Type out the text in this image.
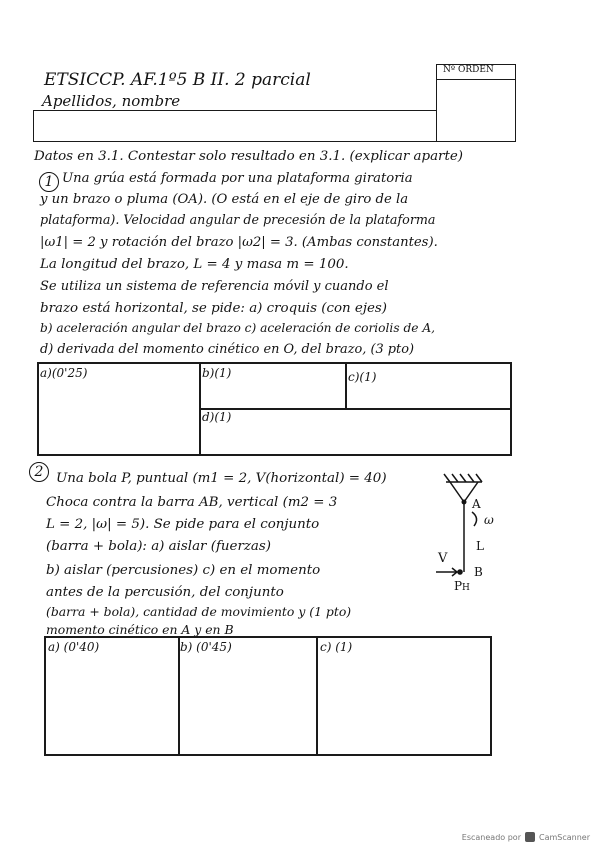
ETSICCP. AF.1º5 B II. 2 parcial
Apellidos, nombre
Nº ORDEN
Datos en 3.1. Contestar solo resultado en 3.1. (explicar aparte)
1 Una grúa está formada por una plataforma giratoria
y un brazo o pluma (OA). (O está en el eje de giro de la
plataforma). Velocidad angular de precesión de la plataforma
|ω1| = 2 y rotación del brazo |ω2| = 3. (Ambas constantes).
La longitud del brazo, L = 4 y masa m = 100.
Se utiliza un sistema de referencia móvil y cuando el
brazo está horizontal, se pide: a) croquis (con ejes)
b) aceleración angular del brazo c) aceleración de coriolis de A,
d) derivada del momento cinético en O, del brazo, (3 pto)
a)(0'25)	b)(1)	c)(1)
d)(1)
2 Una bola P, puntual (m1 = 2, V(horizontal) = 40)
Choca contra la barra AB, vertical (m2 = 3
L = 2, |ω| = 5). Se pide para el conjunto
(barra + bola): a) aislar (fuerzas)
b) aislar (percusiones) c) en el momento
antes de la percusión, del conjunto
(barra + bola), cantidad de movimiento y (1 pto)
momento cinético en A y en B
A
ω
L
V
B
P H
a) (0'40)	b) (0'45)	c) (1)
Escaneado por CamScanner
